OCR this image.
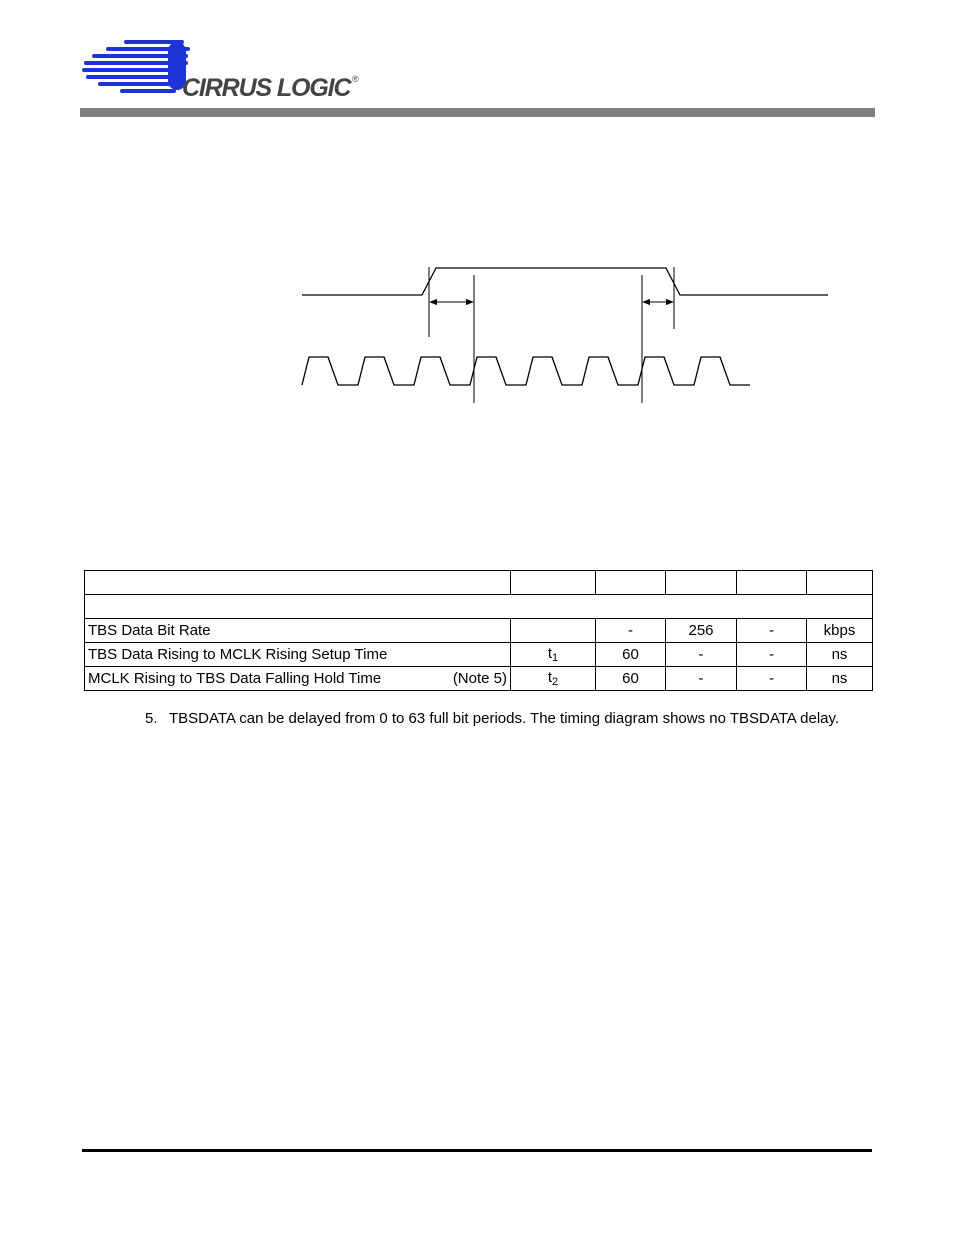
CIRRUS LOGIC ®

TBS Data Bit Rate		-	256	-	kbps

TBS Data Rising to MCLK Rising Setup Time	$t_1$	60	-	-	ns

MCLK Rising to TBS Data Falling Hold Time (Note 5)	$t_2$	60	-	-	ns
5. TBSDATA can be delayed from 0 to 63 full bit periods. The timing diagram shows no TBSDATA delay.
